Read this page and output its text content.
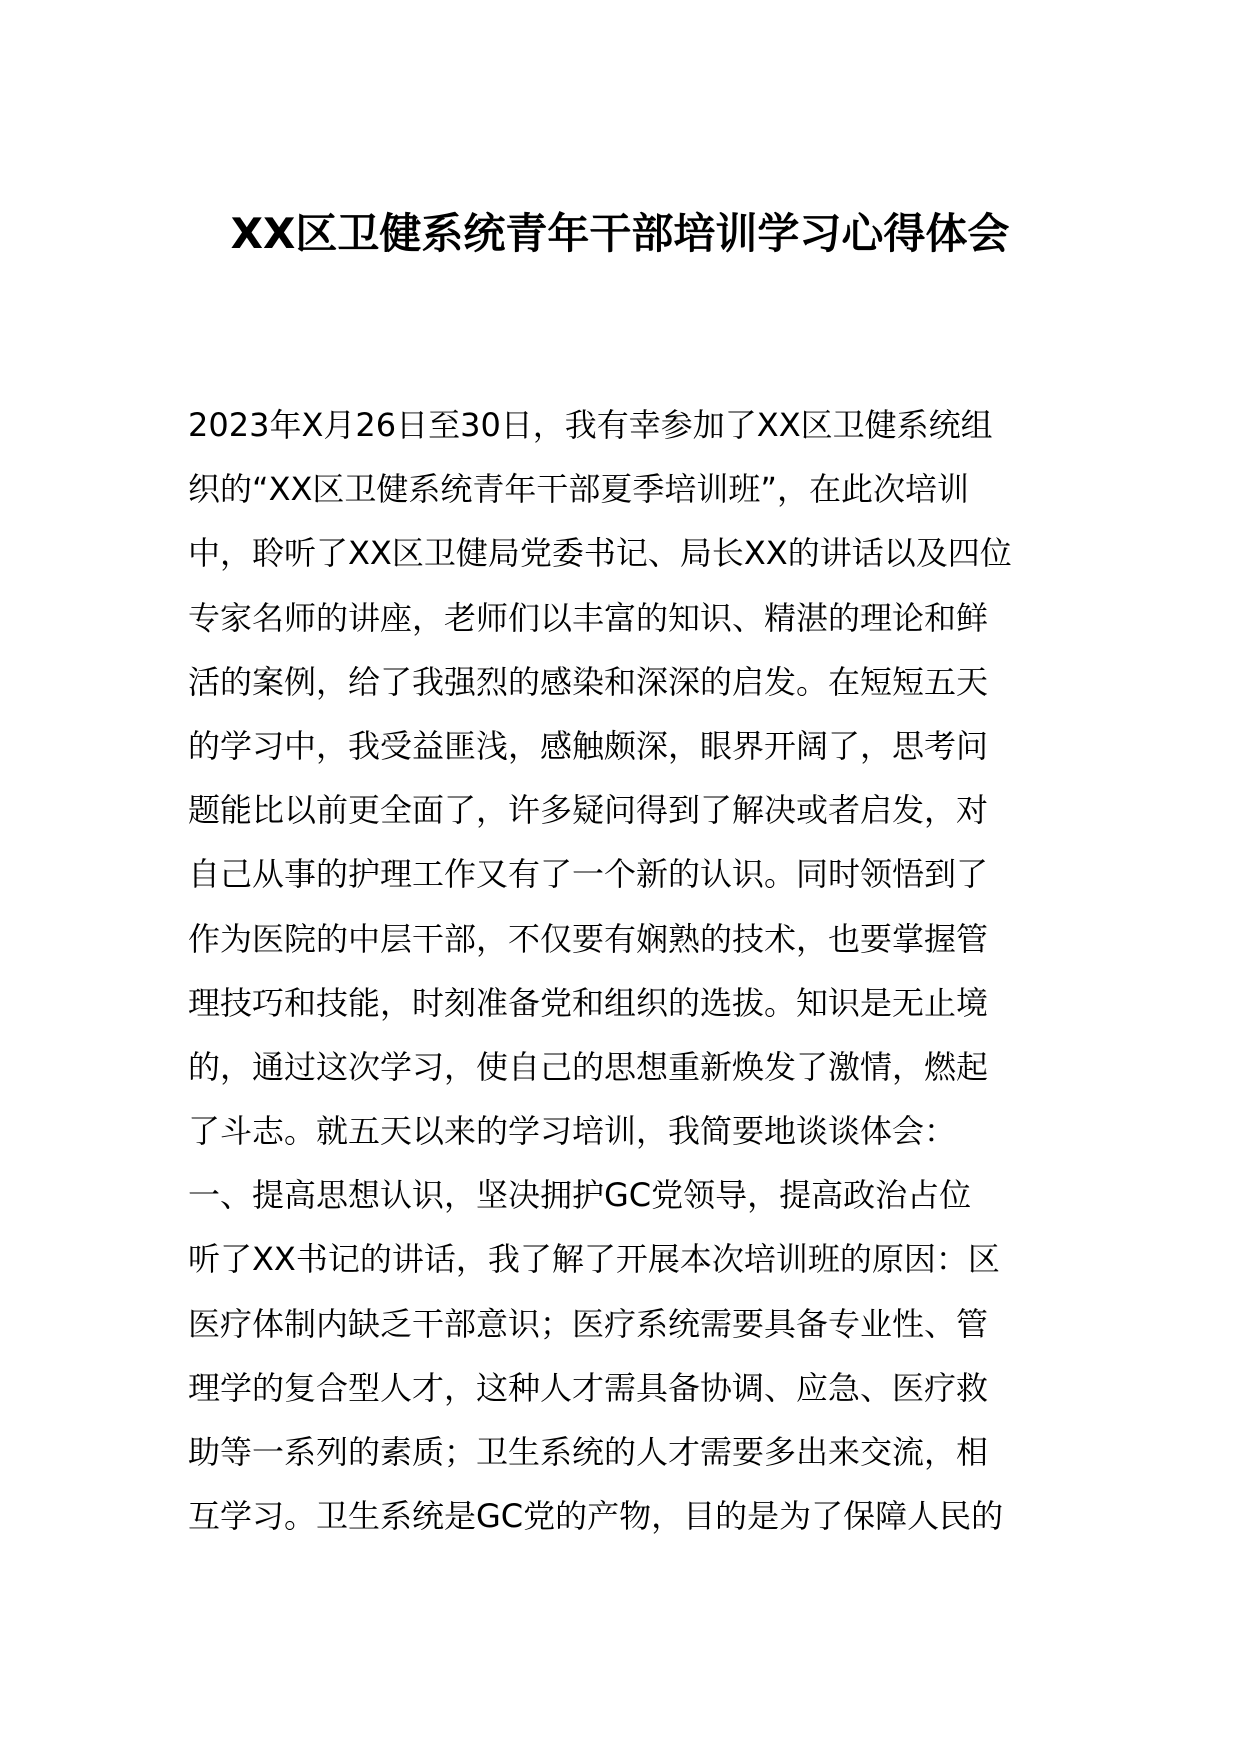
XX区卫健系统青年干部培训学习心得体会
2023年X月26日至30日，我有幸参加了XX区卫健系统组
织的“XX区卫健系统青年干部夏季培训班”，在此次培训
中，聆听了XX区卫健局党委书记、局长XX的讲话以及四位
专家名师的讲座，老师们以丰富的知识、精湛的理论和鲜
活的案例，给了我强烈的感染和深深的启发。在短短五天
的学习中，我受益匪浅，感触颇深，眼界开阔了，思考问
题能比以前更全面了，许多疑问得到了解决或者启发，对
自己从事的护理工作又有了一个新的认识。同时领悟到了
作为医院的中层干部，不仅要有娴熟的技术，也要掌握管
理技巧和技能，时刻准备党和组织的选拔。知识是无止境
的，通过这次学习，使自己的思想重新焕发了激情，燃起
了斗志。就五天以来的学习培训，我简要地谈谈体会：
一、提高思想认识，坚决拥护GC党领导，提高政治占位
听了XX书记的讲话，我了解了开展本次培训班的原因：区
医疗体制内缺乏干部意识；医疗系统需要具备专业性、管
理学的复合型人才，这种人才需具备协调、应急、医疗救
助等一系列的素质；卫生系统的人才需要多出来交流，相
互学习。卫生系统是GC党的产物，目的是为了保障人民的
